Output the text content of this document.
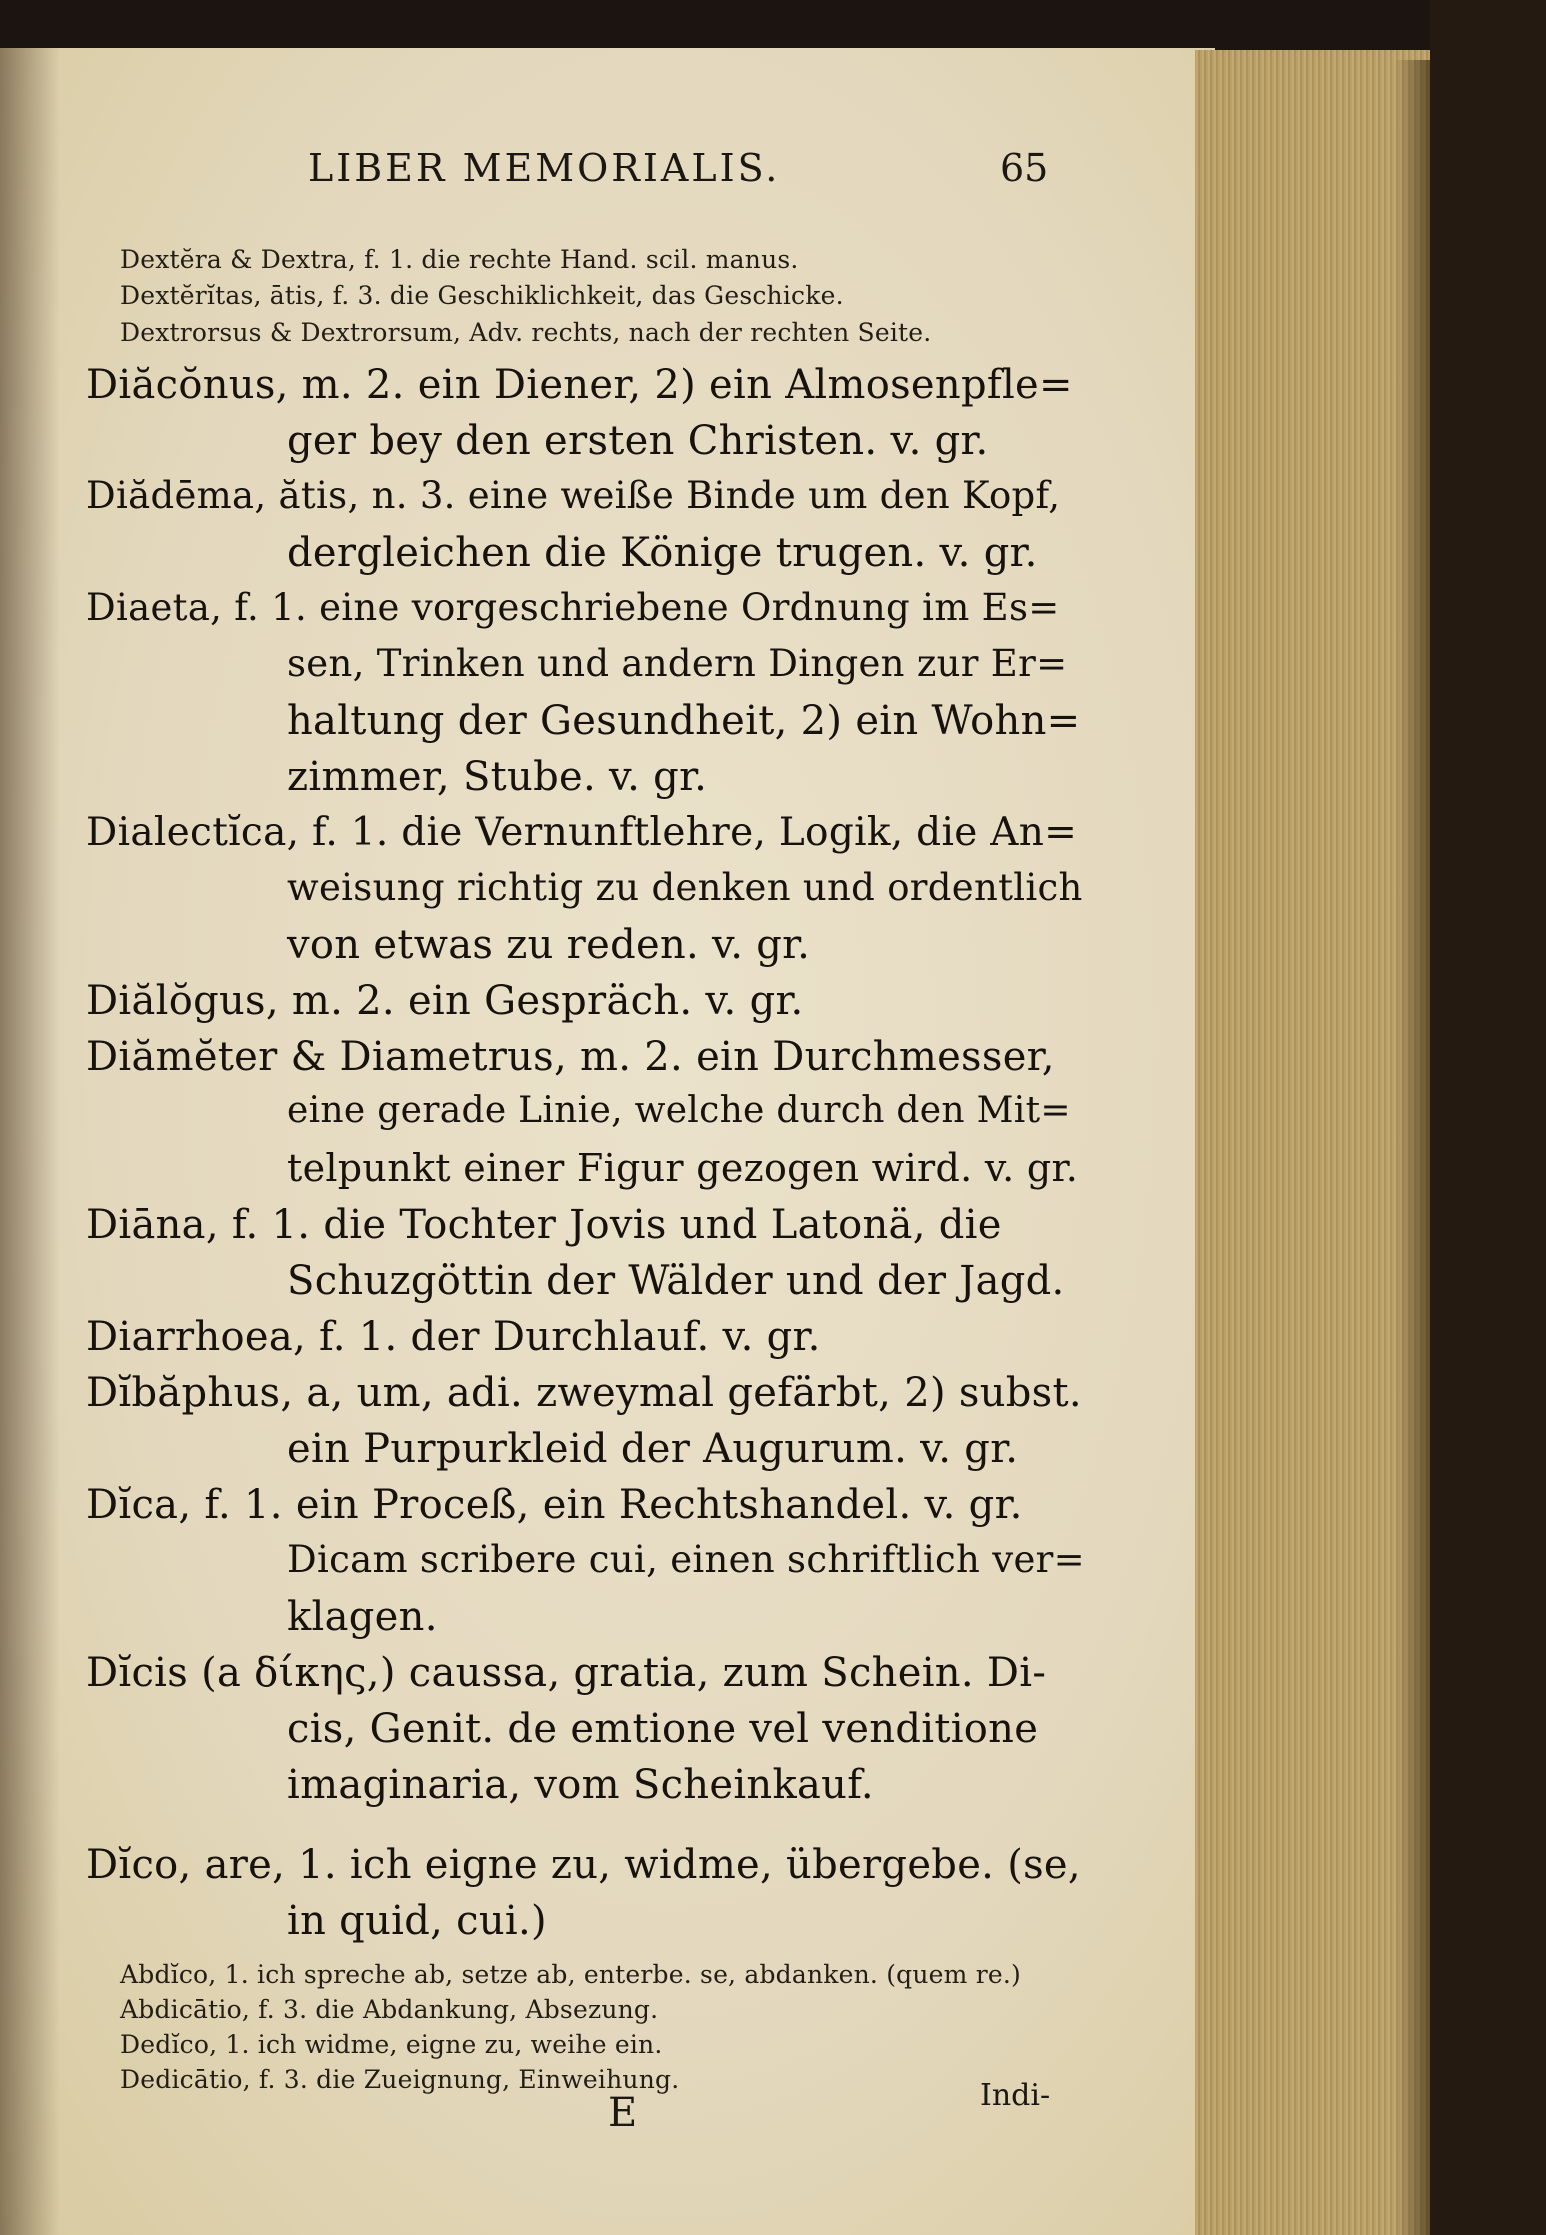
LIBER MEMORIALIS.	65
Dextĕra & Dextra, f. 1. die rechte Hand. scil. manus.
Dextĕrĭtas, ātis, f. 3. die Geschiklichkeit, das Geschicke.
Dextrorsus & Dextrorsum, Adv. rechts, nach der rechten Seite.
Diăcŏnus, m. 2. ein Diener, 2) ein Almosenpfle=
ger bey den ersten Christen. v. gr.
Diădēma, ătis, n. 3. eine weiße Binde um den Kopf,
dergleichen die Könige trugen. v. gr.
Diaeta, f. 1. eine vorgeschriebene Ordnung im Es=
sen, Trinken und andern Dingen zur Er=
haltung der Gesundheit, 2) ein Wohn=
zimmer, Stube. v. gr.
Dialectĭca, f. 1. die Vernunftlehre, Logik, die An=
weisung richtig zu denken und ordentlich
von etwas zu reden. v. gr.
Diălŏgus, m. 2. ein Gespräch. v. gr.
Diămĕter & Diametrus, m. 2. ein Durchmesser,
eine gerade Linie, welche durch den Mit=
telpunkt einer Figur gezogen wird. v. gr.
Diāna, f. 1. die Tochter Jovis und Latonä, die
Schuzgöttin der Wälder und der Jagd.
Diarrhoea, f. 1. der Durchlauf. v. gr.
Dĭbăphus, a, um, adi. zweymal gefärbt, 2) subst.
ein Purpurkleid der Augurum. v. gr.
Dĭca, f. 1. ein Proceß, ein Rechtshandel. v. gr.
Dicam scribere cui, einen schriftlich ver=
klagen.
Dĭcis (a δίκης,) caussa, gratia, zum Schein. Di-
cis, Genit. de emtione vel venditione
imaginaria, vom Scheinkauf.
Dĭco, are, 1. ich eigne zu, widme, übergebe. (se,
in quid, cui.)
Abdĭco, 1. ich spreche ab, setze ab, enterbe. se, abdanken. (quem re.)
Abdicātio, f. 3. die Abdankung, Absezung.
Dedĭco, 1. ich widme, eigne zu, weihe ein.
Dedicātio, f. 3. die Zueignung, Einweihung.
E	Indi-
